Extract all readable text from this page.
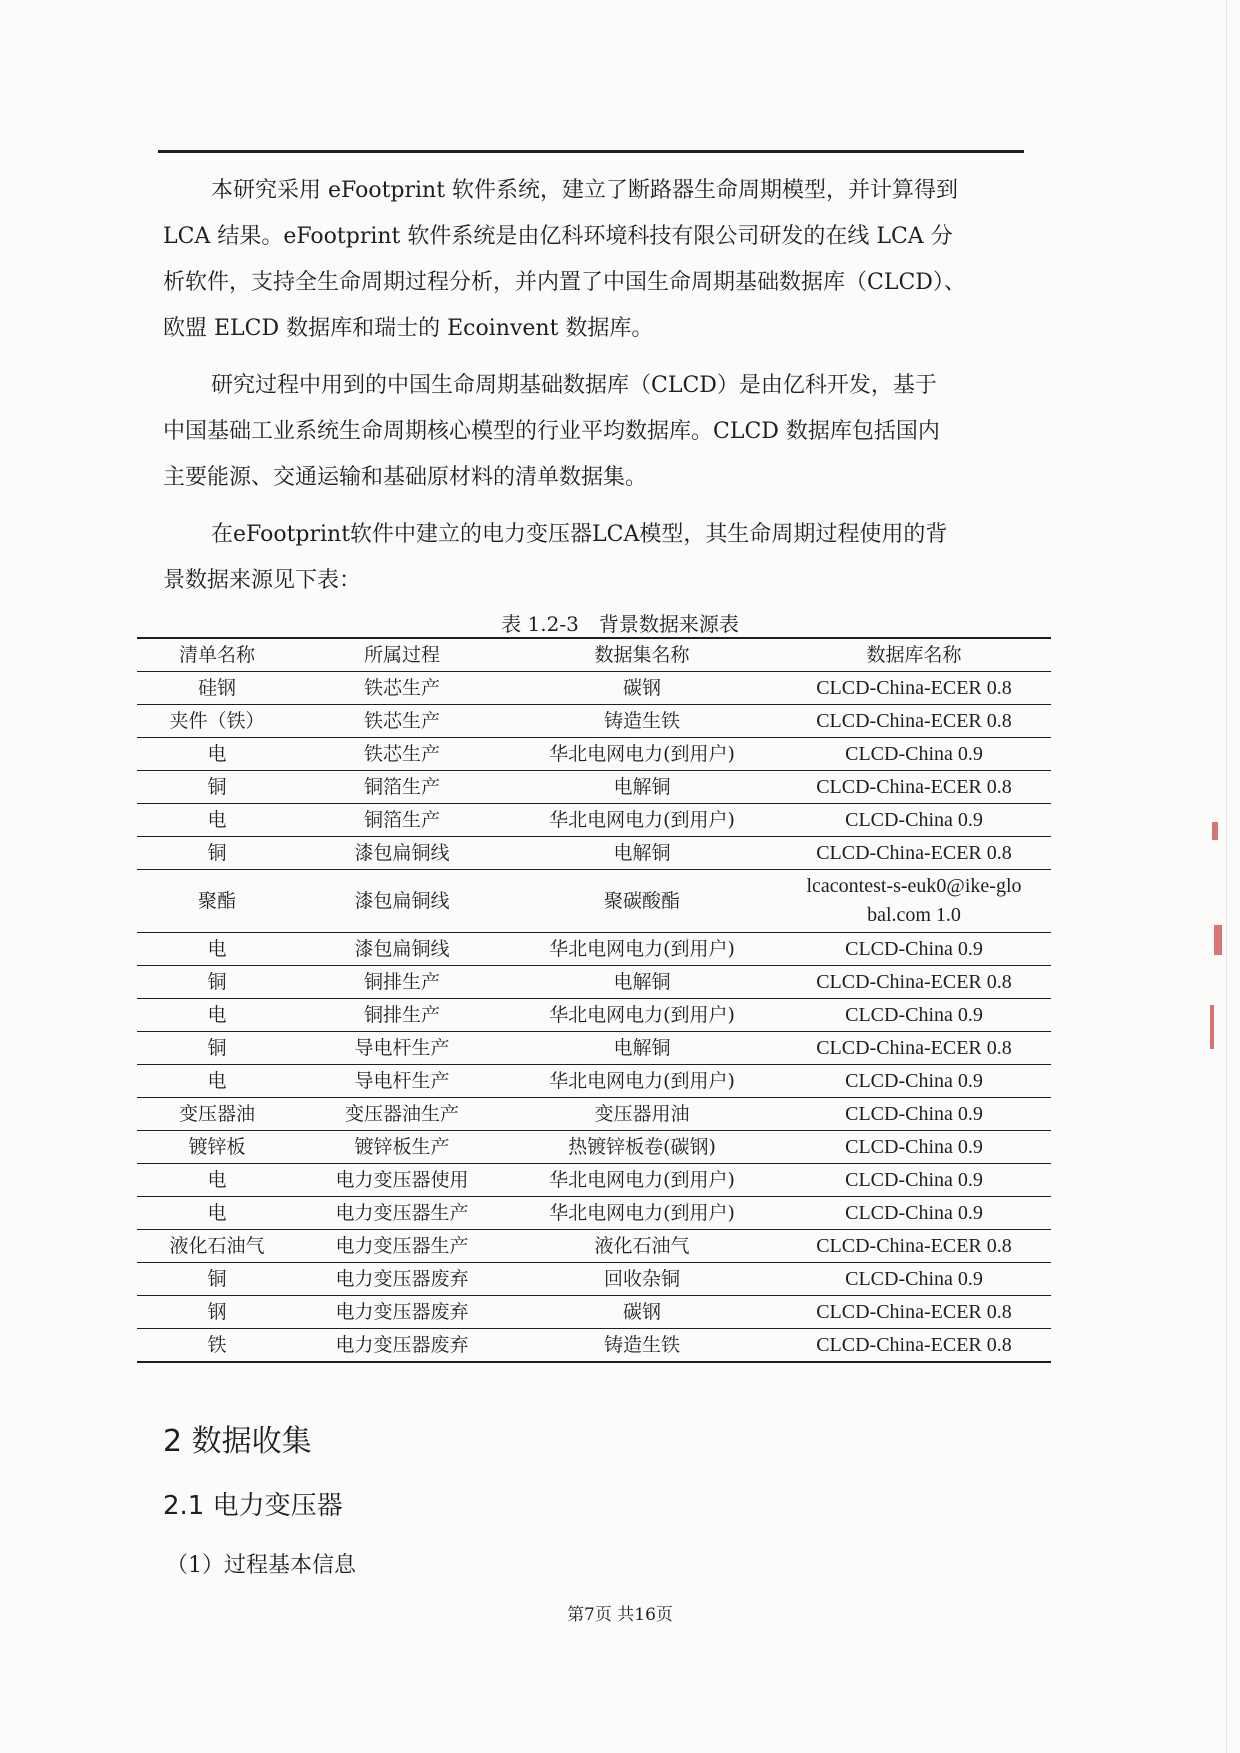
本研究采用 eFootprint 软件系统，建立了断路器生命周期模型，并计算得到
LCA 结果。eFootprint 软件系统是由亿科环境科技有限公司研发的在线 LCA 分
析软件，支持全生命周期过程分析，并内置了中国生命周期基础数据库（CLCD）、
欧盟 ELCD 数据库和瑞士的 Ecoinvent 数据库。
研究过程中用到的中国生命周期基础数据库（CLCD）是由亿科开发，基于
中国基础工业系统生命周期核心模型的行业平均数据库。CLCD 数据库包括国内
主要能源、交通运输和基础原材料的清单数据集。
在eFootprint软件中建立的电力变压器LCA模型，其生命周期过程使用的背
景数据来源见下表：
表 1.2-3　背景数据来源表
清单名称	所属过程	数据集名称	数据库名称
硅钢	铁芯生产	碳钢	CLCD-China-ECER 0.8
夹件（铁）	铁芯生产	铸造生铁	CLCD-China-ECER 0.8
电	铁芯生产	华北电网电力(到用户)	CLCD-China 0.9
铜	铜箔生产	电解铜	CLCD-China-ECER 0.8
电	铜箔生产	华北电网电力(到用户)	CLCD-China 0.9
铜	漆包扁铜线	电解铜	CLCD-China-ECER 0.8
聚酯	漆包扁铜线	聚碳酸酯	lcacontest-s-euk0@ike-glo
bal.com 1.0

电	漆包扁铜线	华北电网电力(到用户)	CLCD-China 0.9
铜	铜排生产	电解铜	CLCD-China-ECER 0.8
电	铜排生产	华北电网电力(到用户)	CLCD-China 0.9
铜	导电杆生产	电解铜	CLCD-China-ECER 0.8
电	导电杆生产	华北电网电力(到用户)	CLCD-China 0.9
变压器油	变压器油生产	变压器用油	CLCD-China 0.9
镀锌板	镀锌板生产	热镀锌板卷(碳钢)	CLCD-China 0.9
电	电力变压器使用	华北电网电力(到用户)	CLCD-China 0.9
电	电力变压器生产	华北电网电力(到用户)	CLCD-China 0.9
液化石油气	电力变压器生产	液化石油气	CLCD-China-ECER 0.8
铜	电力变压器废弃	回收杂铜	CLCD-China 0.9
钢	电力变压器废弃	碳钢	CLCD-China-ECER 0.8
铁	电力变压器废弃	铸造生铁	CLCD-China-ECER 0.8
2 数据收集
2.1 电力变压器
（1）过程基本信息
第7页 共16页
